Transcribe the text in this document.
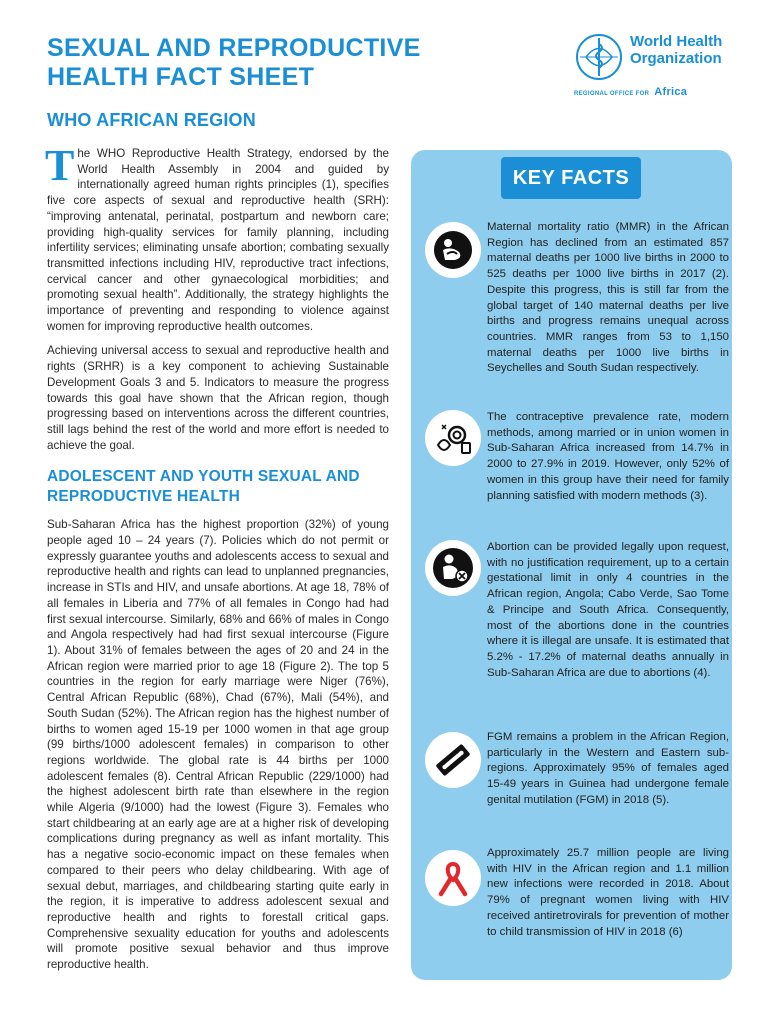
SEXUAL AND REPRODUCTIVE HEALTH FACT SHEET
WHO AFRICAN REGION
World Health
Organization
REGIONAL OFFICE FOR Africa

The WHO Reproductive Health Strategy, endorsed by the World Health Assembly in 2004 and guided by internationally agreed human rights principles (1), specifies five core aspects of sexual and reproductive health (SRH): “improving antenatal, perinatal, postpartum and newborn care; providing high-quality services for family planning, including infertility services; eliminating unsafe abortion; combating sexually transmitted infections including HIV, reproductive tract infections, cervical cancer and other gynaecological morbidities; and promoting sexual health”. Additionally, the strategy highlights the importance of preventing and responding to violence against women for improving reproductive health outcomes.

Achieving universal access to sexual and reproductive health and rights (SRHR) is a key component to achieving Sustainable Development Goals 3 and 5. Indicators to measure the progress towards this goal have shown that the African region, though progressing based on interventions across the different countries, still lags behind the rest of the world and more effort is needed to achieve the goal.

ADOLESCENT AND YOUTH SEXUAL AND REPRODUCTIVE HEALTH

Sub-Saharan Africa has the highest proportion (32%) of young people aged 10 – 24 years (7). Policies which do not permit or expressly guarantee youths and adolescents access to sexual and reproductive health and rights can lead to unplanned pregnancies, increase in STIs and HIV, and unsafe abortions. At age 18, 78% of all females in Liberia and 77% of all females in Congo had had first sexual intercourse. Similarly, 68% and 66% of males in Congo and Angola respectively had had first sexual intercourse (Figure 1). About 31% of females between the ages of 20 and 24 in the African region were married prior to age 18 (Figure 2). The top 5 countries in the region for early marriage were Niger (76%), Central African Republic (68%), Chad (67%), Mali (54%), and South Sudan (52%). The African region has the highest number of births to women aged 15-19 per 1000 women in that age group (99 births/1000 adolescent females) in comparison to other regions worldwide. The global rate is 44 births per 1000 adolescent females (8). Central African Republic (229/1000) had the highest adolescent birth rate than elsewhere in the region while Algeria (9/1000) had the lowest (Figure 3). Females who start childbearing at an early age are at a higher risk of developing complications during pregnancy as well as infant mortality. This has a negative socio-economic impact on these females when compared to their peers who delay childbearing. With age of sexual debut, marriages, and childbearing starting quite early in the region, it is imperative to address adolescent sexual and reproductive health and rights to forestall critical gaps. Comprehensive sexuality education for youths and adolescents will promote positive sexual behavior and thus improve reproductive health.

KEY FACTS
Maternal mortality ratio (MMR) in the African Region has declined from an estimated 857 maternal deaths per 1000 live births in 2000 to 525 deaths per 1000 live births in 2017 (2). Despite this progress, this is still far from the global target of 140 maternal deaths per live births and progress remains unequal across countries. MMR ranges from 53 to 1,150 maternal deaths per 1000 live births in Seychelles and South Sudan respectively.
The contraceptive prevalence rate, modern methods, among married or in union women in Sub-Saharan Africa increased from 14.7% in 2000 to 27.9% in 2019. However, only 52% of women in this group have their need for family planning satisfied with modern methods (3).
Abortion can be provided legally upon request, with no justification requirement, up to a certain gestational limit in only 4 countries in the African region, Angola; Cabo Verde, Sao Tome & Principe and South Africa. Consequently, most of the abortions done in the countries where it is illegal are unsafe. It is estimated that 5.2% - 17.2% of maternal deaths annually in Sub-Saharan Africa are due to abortions (4).
FGM remains a problem in the African Region, particularly in the Western and Eastern sub-regions. Approximately 95% of females aged 15-49 years in Guinea had undergone female genital mutilation (FGM) in 2018 (5).
Approximately 25.7 million people are living with HIV in the African region and 1.1 million new infections were recorded in 2018. About 79% of pregnant women living with HIV received antiretrovirals for prevention of mother to child transmission of HIV in 2018 (6)
